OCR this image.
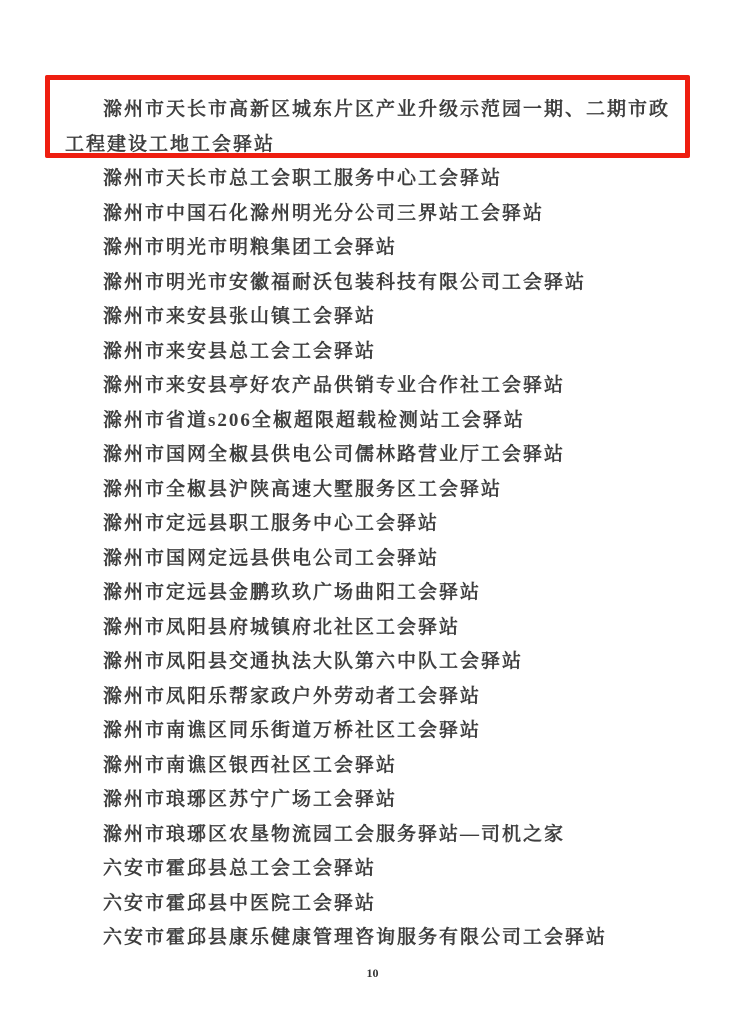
滁州市天长市高新区城东片区产业升级示范园一期、二期市政工程建设工地工会驿站

滁州市天长市总工会职工服务中心工会驿站

滁州市中国石化滁州明光分公司三界站工会驿站

滁州市明光市明粮集团工会驿站

滁州市明光市安徽福耐沃包装科技有限公司工会驿站

滁州市来安县张山镇工会驿站

滁州市来安县总工会工会驿站

滁州市来安县亭好农产品供销专业合作社工会驿站

滁州市省道s206全椒超限超载检测站工会驿站

滁州市国网全椒县供电公司儒林路营业厅工会驿站

滁州市全椒县沪陕高速大墅服务区工会驿站

滁州市定远县职工服务中心工会驿站

滁州市国网定远县供电公司工会驿站

滁州市定远县金鹏玖玖广场曲阳工会驿站

滁州市凤阳县府城镇府北社区工会驿站

滁州市凤阳县交通执法大队第六中队工会驿站

滁州市凤阳乐帮家政户外劳动者工会驿站

滁州市南谯区同乐街道万桥社区工会驿站

滁州市南谯区银西社区工会驿站

滁州市琅琊区苏宁广场工会驿站

滁州市琅琊区农垦物流园工会服务驿站—司机之家

六安市霍邱县总工会工会驿站

六安市霍邱县中医院工会驿站

六安市霍邱县康乐健康管理咨询服务有限公司工会驿站

10
